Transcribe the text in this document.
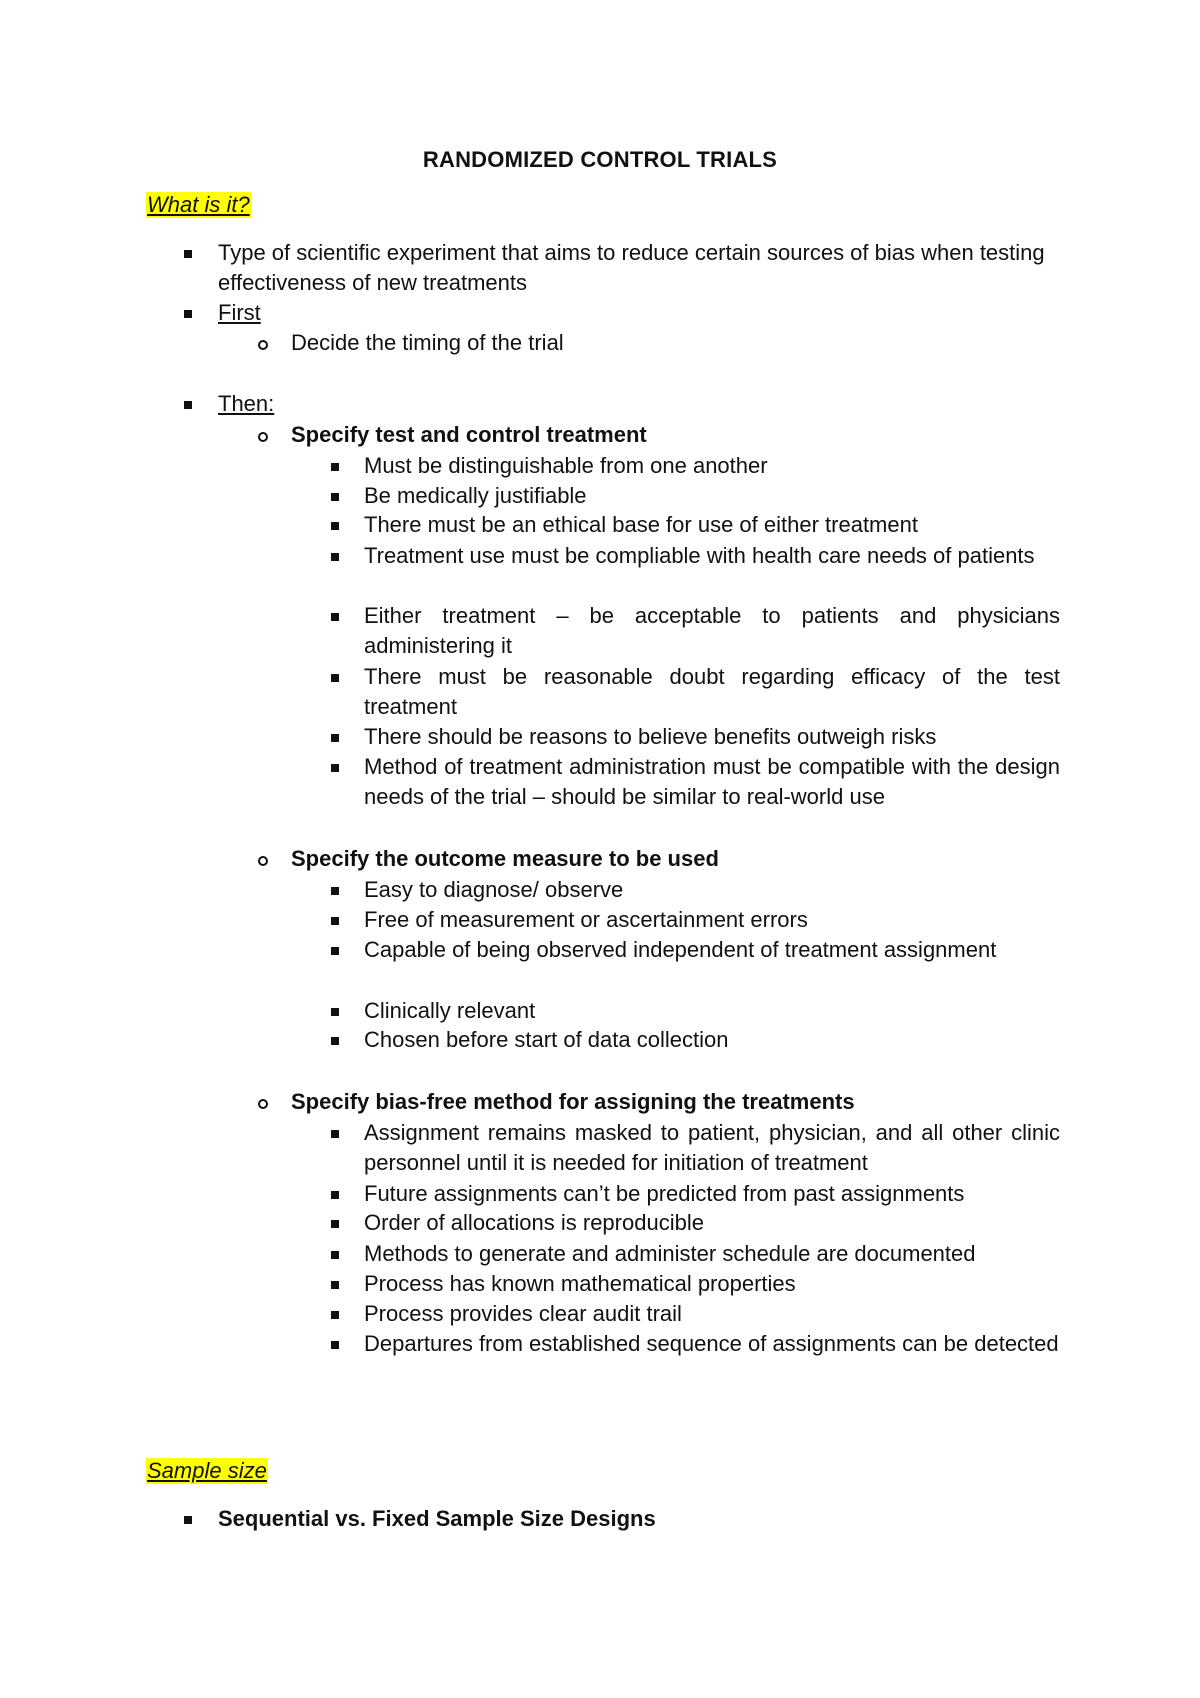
RANDOMIZED CONTROL TRIALS
What is it?
Type of scientific experiment that aims to reduce certain sources of bias when testing effectiveness of new treatments
First
Decide the timing of the trial
Then:
Specify test and control treatment
Must be distinguishable from one another
Be medically justifiable
There must be an ethical base for use of either treatment
Treatment use must be compliable with health care needs of patients
Either treatment – be acceptable to patients and physicians administering it
There must be reasonable doubt regarding efficacy of the test treatment
There should be reasons to believe benefits outweigh risks
Method of treatment administration must be compatible with the design needs of the trial – should be similar to real-world use
Specify the outcome measure to be used
Easy to diagnose/ observe
Free of measurement or ascertainment errors
Capable of being observed independent of treatment assignment
Clinically relevant
Chosen before start of data collection
Specify bias-free method for assigning the treatments
Assignment remains masked to patient, physician, and all other clinic personnel until it is needed for initiation of treatment
Future assignments can’t be predicted from past assignments
Order of allocations is reproducible
Methods to generate and administer schedule are documented
Process has known mathematical properties
Process provides clear audit trail
Departures from established sequence of assignments can be detected
Sample size
Sequential vs. Fixed Sample Size Designs
